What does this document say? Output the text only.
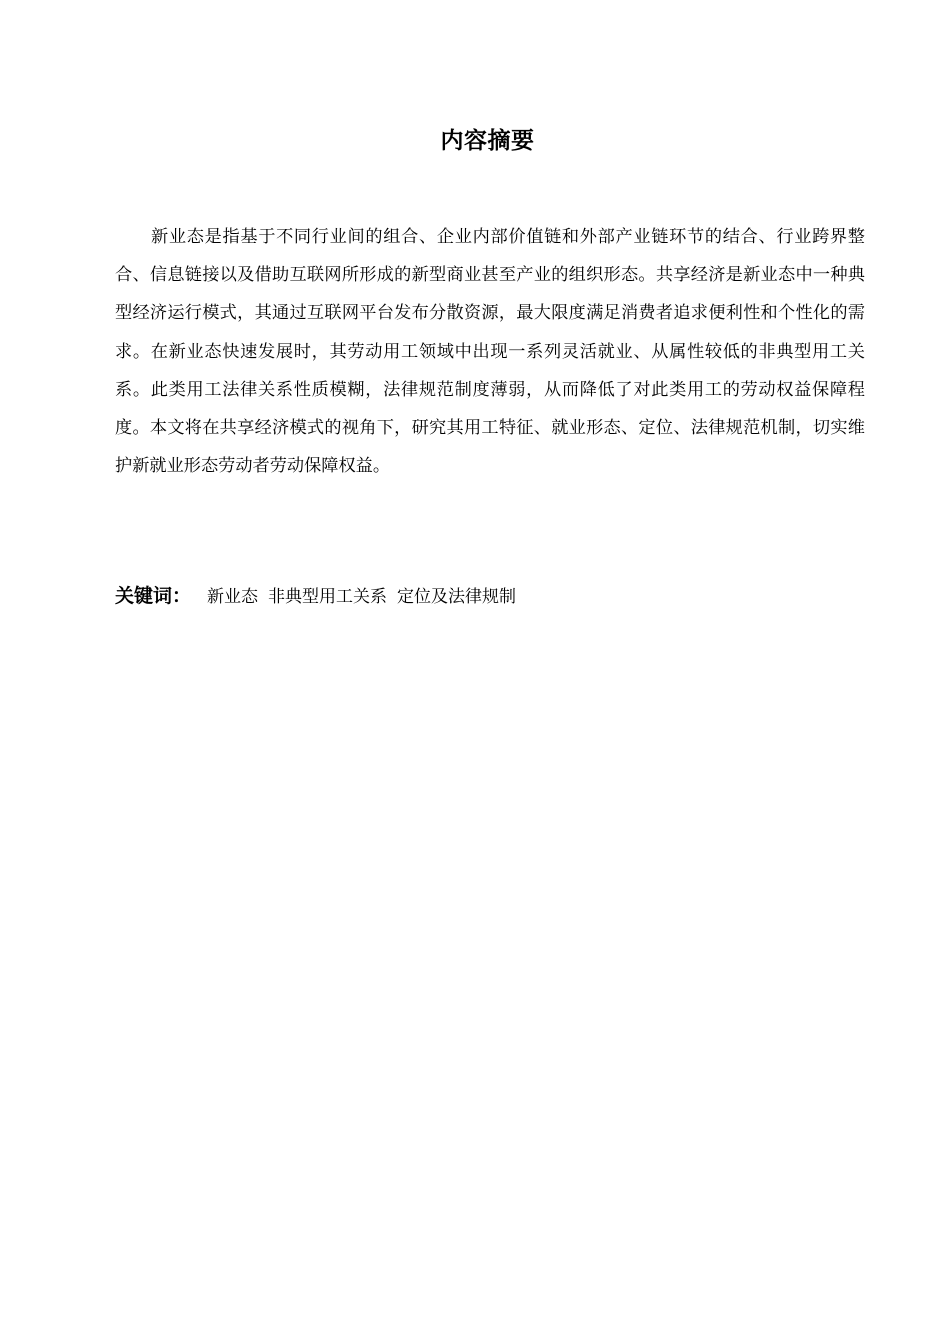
内容摘要

新业态是指基于不同行业间的组合、企业内部价值链和外部产业链环节的结合、行业跨界整合、信息链接以及借助互联网所形成的新型商业甚至产业的组织形态。共享经济是新业态中一种典型经济运行模式，其通过互联网平台发布分散资源，最大限度满足消费者追求便利性和个性化的需求。在新业态快速发展时，其劳动用工领域中出现一系列灵活就业、从属性较低的非典型用工关系。此类用工法律关系性质模糊，法律规范制度薄弱，从而降低了对此类用工的劳动权益保障程度。本文将在共享经济模式的视角下，研究其用工特征、就业形态、定位、法律规范机制，切实维护新就业形态劳动者劳动保障权益。

关键词： 新业态 非典型用工关系 定位及法律规制
